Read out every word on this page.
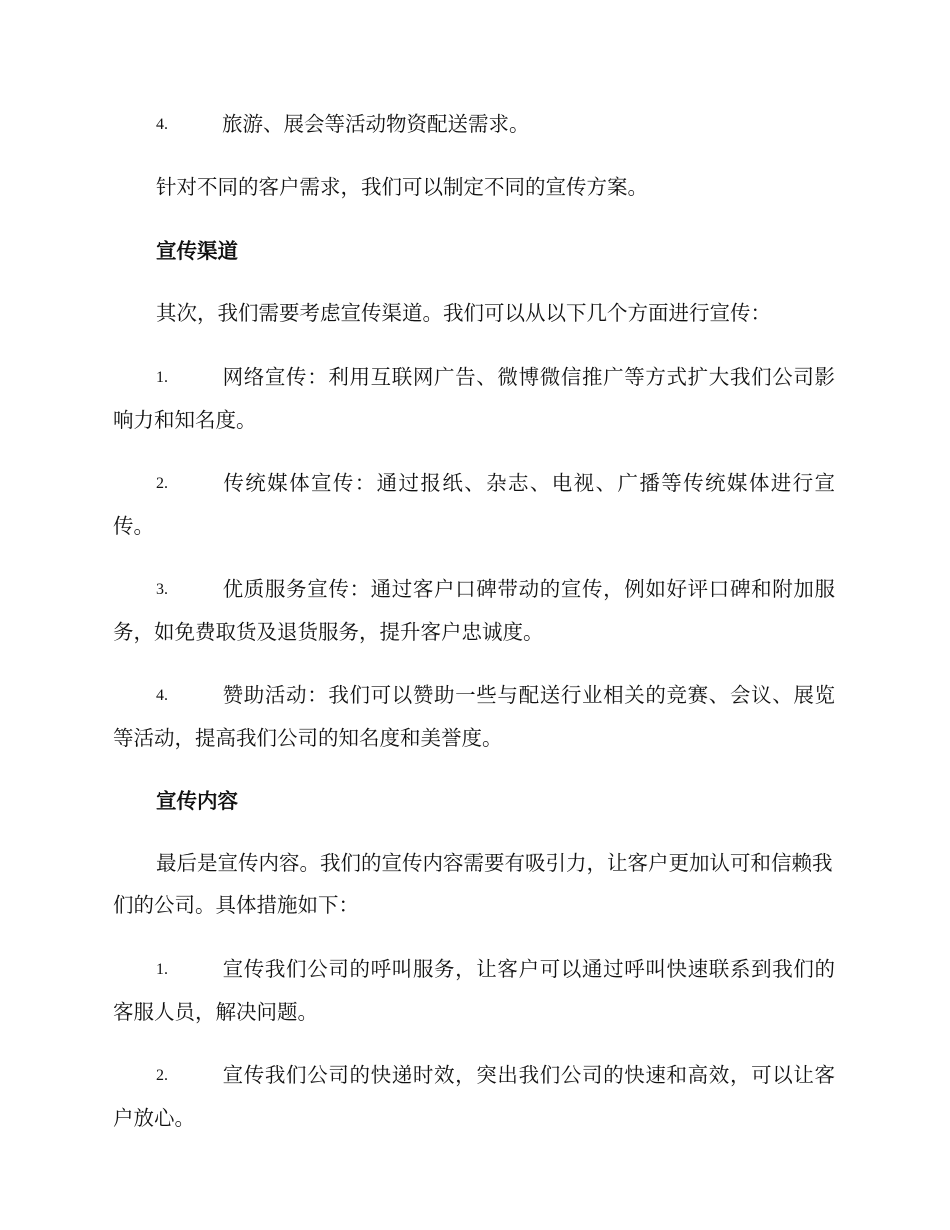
4.	旅游、展会等活动物资配送需求。

针对不同的客户需求，我们可以制定不同的宣传方案。

宣传渠道

其次，我们需要考虑宣传渠道。我们可以从以下几个方面进行宣传：

1.	网络宣传：利用互联网广告、微博微信推广等方式扩大我们公司影响力和知名度。

2.	传统媒体宣传：通过报纸、杂志、电视、广播等传统媒体进行宣传。

3.	优质服务宣传：通过客户口碑带动的宣传，例如好评口碑和附加服务，如免费取货及退货服务，提升客户忠诚度。

4.	赞助活动：我们可以赞助一些与配送行业相关的竞赛、会议、展览等活动，提高我们公司的知名度和美誉度。

宣传内容

最后是宣传内容。我们的宣传内容需要有吸引力，让客户更加认可和信赖我们的公司。具体措施如下：

1.	宣传我们公司的呼叫服务，让客户可以通过呼叫快速联系到我们的客服人员，解决问题。

2.	宣传我们公司的快递时效，突出我们公司的快速和高效，可以让客户放心。
